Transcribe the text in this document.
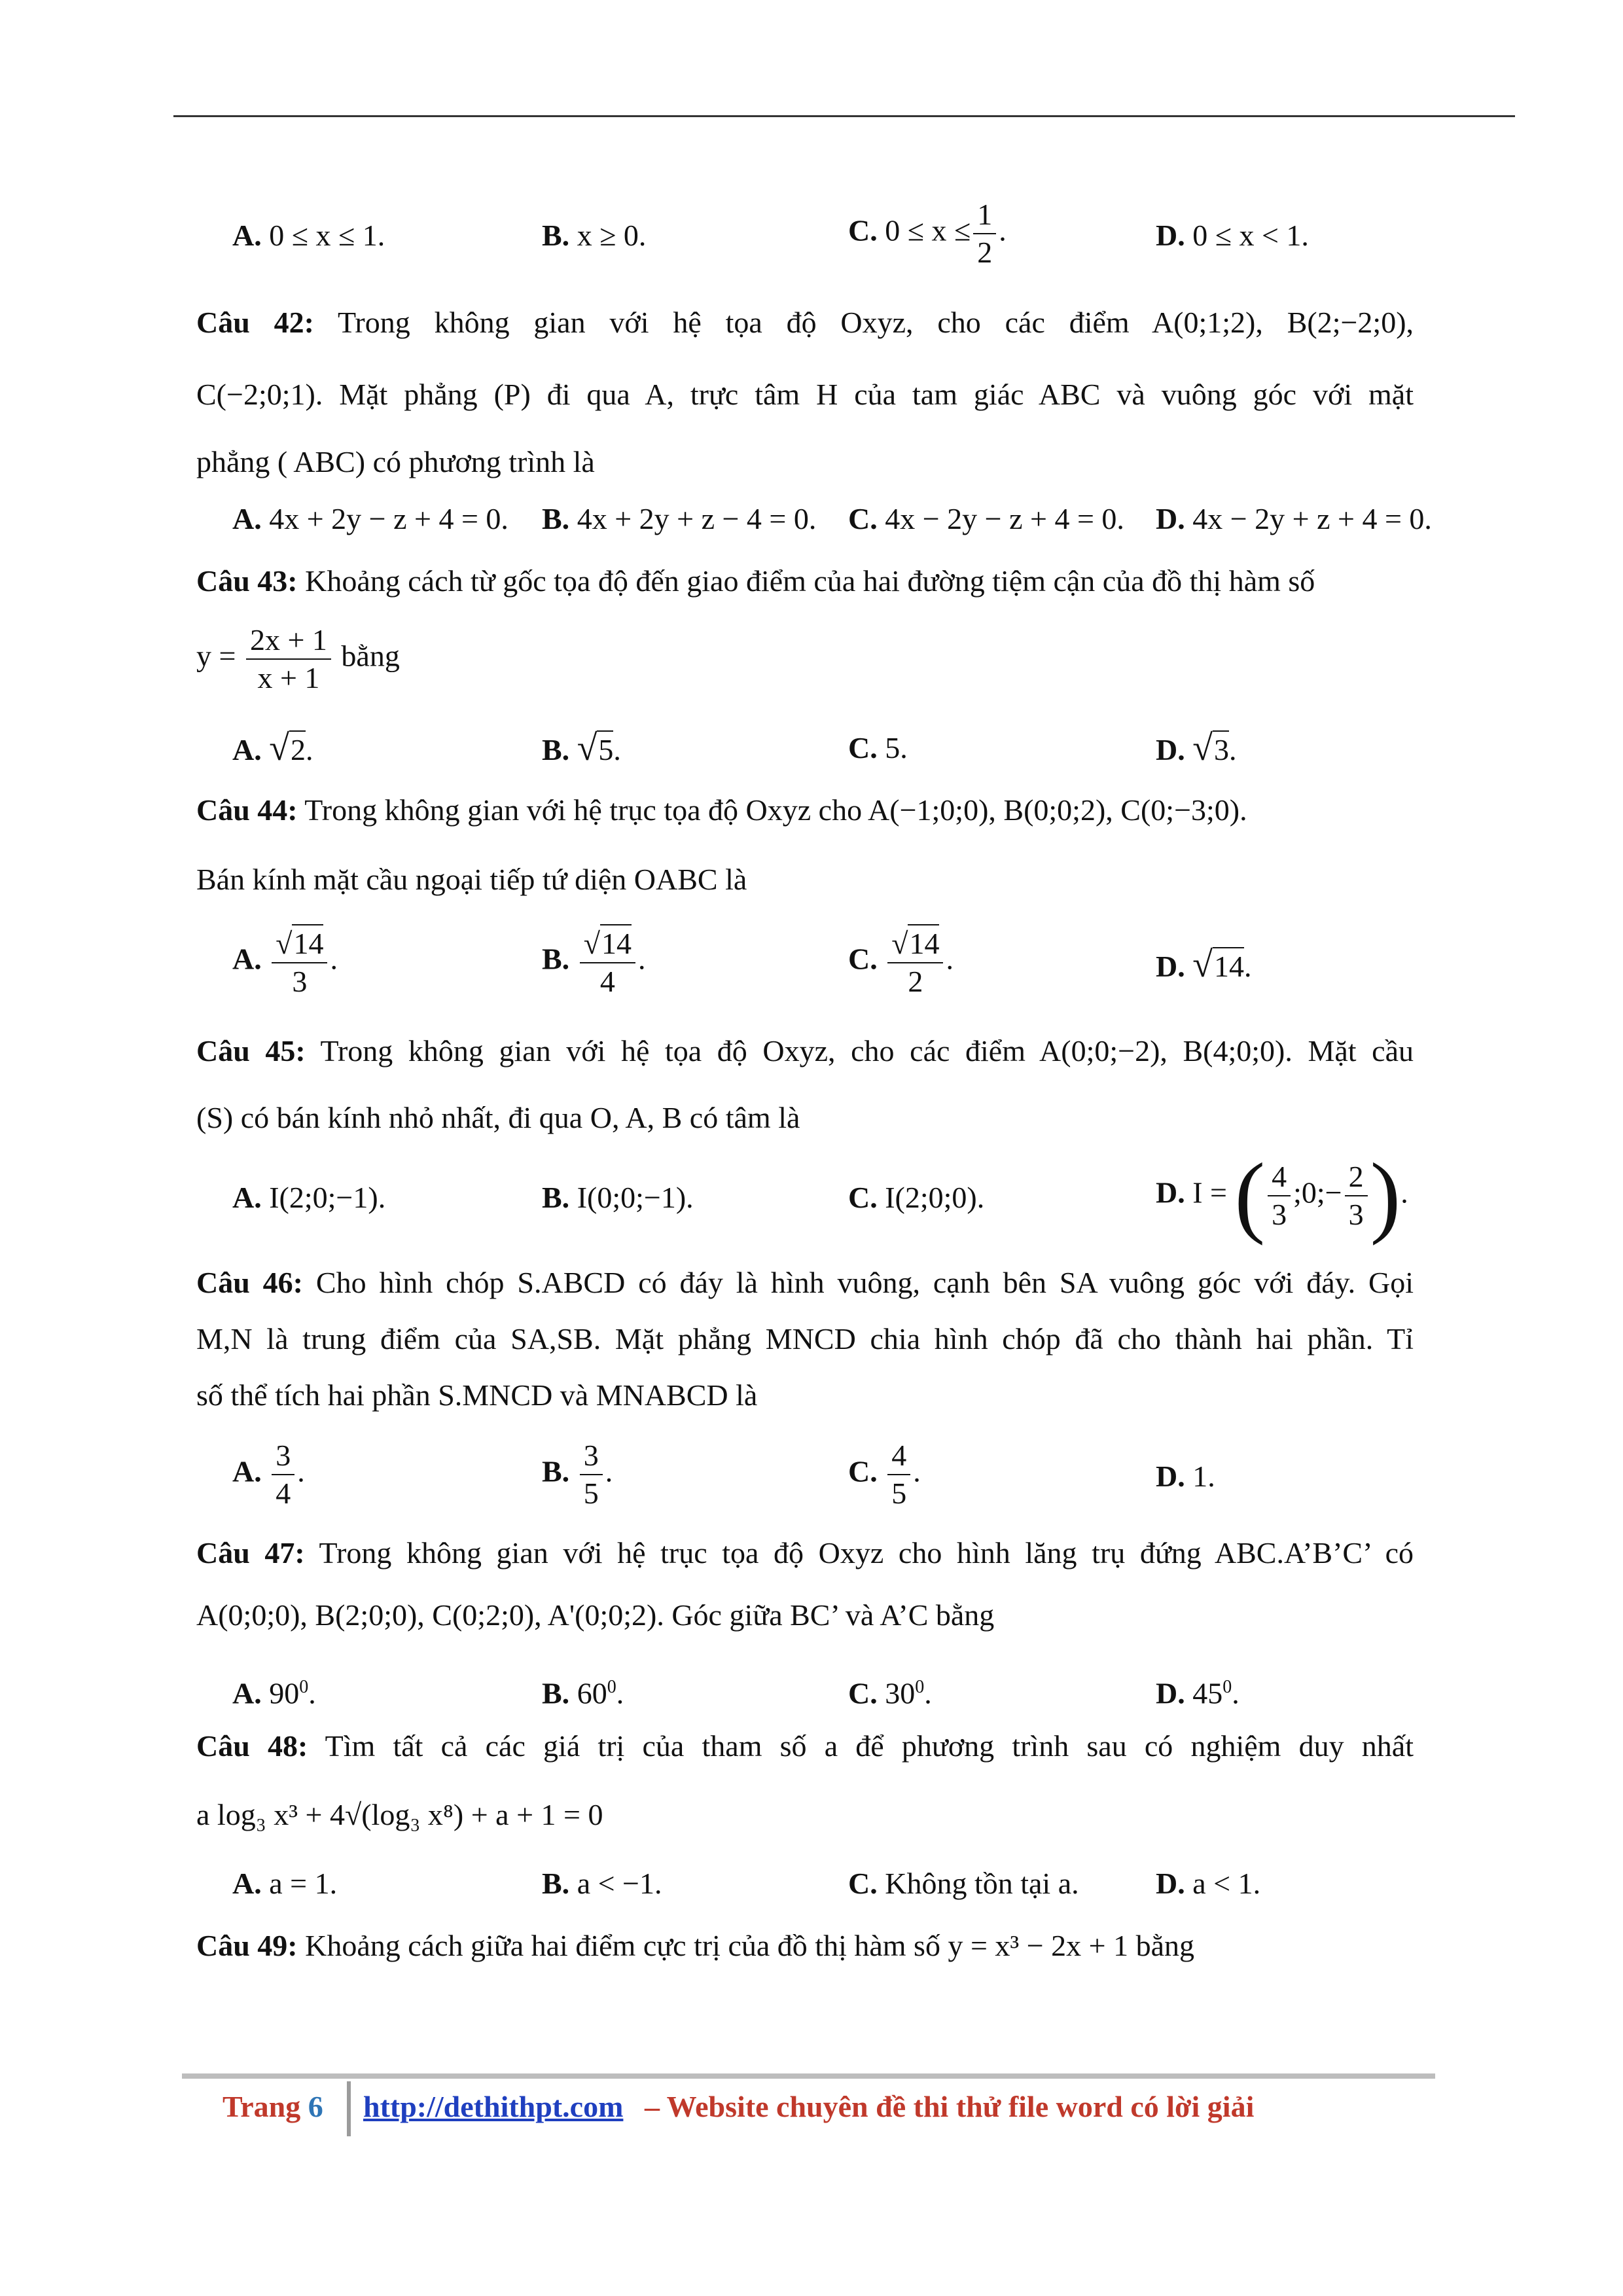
A. 0 ≤ x ≤ 1.	B. x ≥ 0.	C. $0 \le x \le \frac{1}{2}$ .	D. 0 ≤ x < 1.
Câu 42: Trong không gian với hệ tọa độ Oxyz, cho các điểm A(0;1;2), B(2;−2;0),
C(−2;0;1). Mặt phẳng (P) đi qua A, trực tâm H của tam giác ABC và vuông góc với mặt
phẳng ( ABC) có phương trình là
A. 4x + 2y − z + 4 = 0. B. 4x + 2y + z − 4 = 0. C. 4x − 2y − z + 4 = 0. D. 4x − 2y + z + 4 = 0.
Câu 43: Khoảng cách từ gốc tọa độ đến giao điểm của hai đường tiệm cận của đồ thị hàm số
$y = \frac{2x + 1}{x + 1}$ bằng
A. √2.	B. √5.	C. 5.	D. √3.
Câu 44: Trong không gian với hệ trục tọa độ Oxyz cho A(−1;0;0), B(0;0;2), C(0;−3;0).
Bán kính mặt cầu ngoại tiếp tứ diện OABC là
A. $\frac{√14}{3}$ .	B. $\frac{√14}{4}$ .	C. $\frac{√14}{2}$ .	D. √14.
Câu 45: Trong không gian với hệ tọa độ Oxyz, cho các điểm A(0;0;−2), B(4;0;0). Mặt cầu
(S) có bán kính nhỏ nhất, đi qua O, A, B có tâm là
A. I(2;0;−1).	B. I(0;0;−1).	C. I(2;0;0).	D. I = ( $\frac{4}{3}$ ;0;− $\frac{2}{3}$ ).
Câu 46: Cho hình chóp S.ABCD có đáy là hình vuông, cạnh bên SA vuông góc với đáy. Gọi
M,N là trung điểm của SA,SB. Mặt phẳng MNCD chia hình chóp đã cho thành hai phần. Tỉ
số thể tích hai phần S.MNCD và MNABCD là
A. $\frac{3}{4}$ .	B. $\frac{3}{5}$ .	C. $\frac{4}{5}$ .	D. 1.
Câu 47: Trong không gian với hệ trục tọa độ Oxyz cho hình lăng trụ đứng ABC.A’B’C’ có
A(0;0;0), B(2;0;0), C(0;2;0), A'(0;0;2). Góc giữa BC’ và A’C bằng
A. $90^0$.	B. $60^0$.	C. $30^0$.	D. $45^0$.
Câu 48: Tìm tất cả các giá trị của tham số a để phương trình sau có nghiệm duy nhất
a log₃ x³ + 4√(log₃ x⁸) + a + 1 = 0
A. a = 1.	B. a < −1.	C. Không tồn tại a.	D. a < 1.
Câu 49: Khoảng cách giữa hai điểm cực trị của đồ thị hàm số y = x³ − 2x + 1 bằng
Trang 6 http://dethithpt.com – Website chuyên đề thi thử file word có lời giải
